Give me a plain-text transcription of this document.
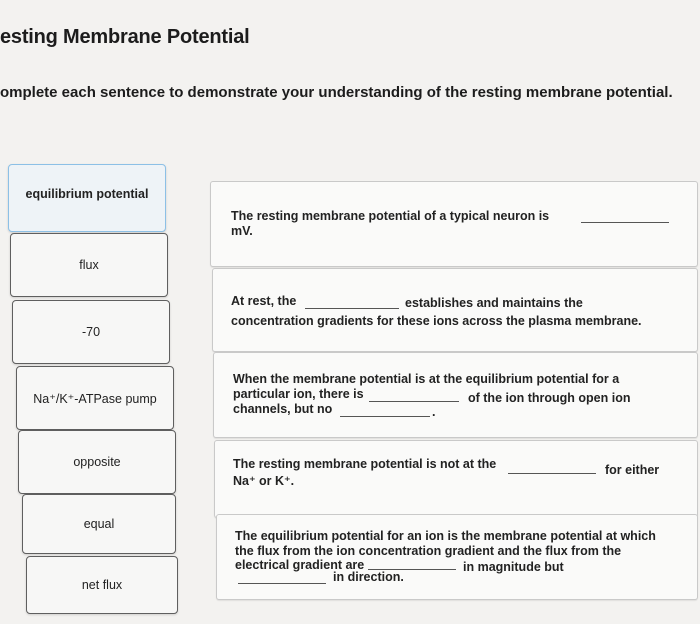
esting Membrane Potential
omplete each sentence to demonstrate your understanding of the resting membrane potential.
equilibrium potential
flux
-70
Na⁺/K⁺-ATPase pump
opposite
equal
net flux
The resting membrane potential of a typical neuron is
mV.
At rest, the	establishes and maintains the
concentration gradients for these ions across the plasma membrane.
When the membrane potential is at the equilibrium potential for a
particular ion, there is	of the ion through open ion
channels, but no	.
The resting membrane potential is not at the	for either
Na⁺ or K⁺.
The equilibrium potential for an ion is the membrane potential at which
the flux from the ion concentration gradient and the flux from the
electrical gradient are	in magnitude but
in direction.
